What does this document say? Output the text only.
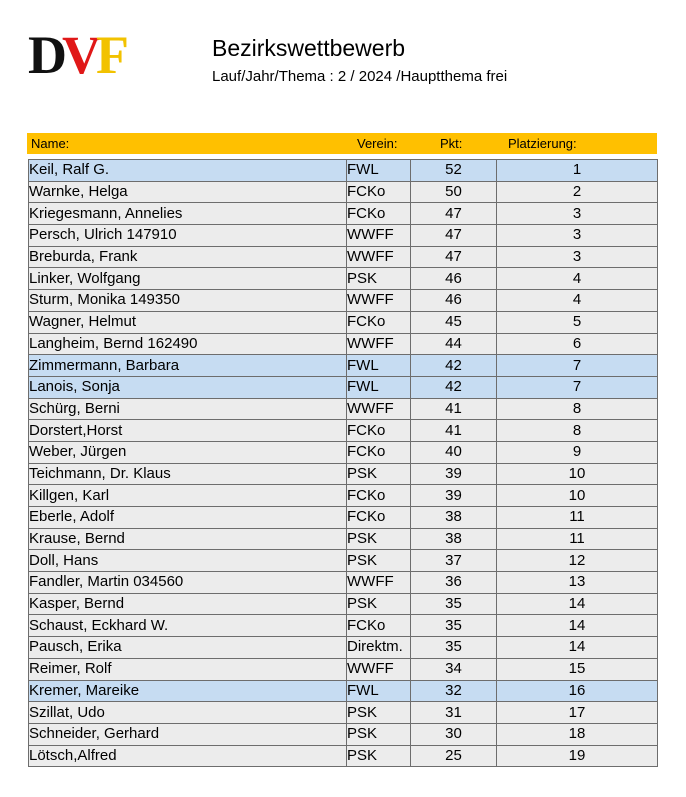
DVF	Bezirkswettbewerb
Lauf/Jahr/Thema : 2 / 2024 /Hauptthema frei
Name:	Verein:	Pkt:	Platzierung:
Keil, Ralf G.	FWL	52	1
Warnke, Helga	FCKo	50	2
Kriegesmann, Annelies	FCKo	47	3
Persch, Ulrich 147910	WWFF	47	3
Breburda, Frank	WWFF	47	3
Linker, Wolfgang	PSK	46	4
Sturm, Monika 149350	WWFF	46	4
Wagner, Helmut	FCKo	45	5
Langheim, Bernd 162490	WWFF	44	6
Zimmermann, Barbara	FWL	42	7
Lanois, Sonja	FWL	42	7
Schürg, Berni	WWFF	41	8
Dorstert,Horst	FCKo	41	8
Weber, Jürgen	FCKo	40	9
Teichmann, Dr. Klaus	PSK	39	10
Killgen, Karl	FCKo	39	10
Eberle, Adolf	FCKo	38	11
Krause, Bernd	PSK	38	11
Doll, Hans	PSK	37	12
Fandler, Martin 034560	WWFF	36	13
Kasper, Bernd	PSK	35	14
Schaust, Eckhard W.	FCKo	35	14
Pausch, Erika	Direktm.	35	14
Reimer, Rolf	WWFF	34	15
Kremer, Mareike	FWL	32	16
Szillat, Udo	PSK	31	17
Schneider, Gerhard	PSK	30	18
Lötsch,Alfred	PSK	25	19
